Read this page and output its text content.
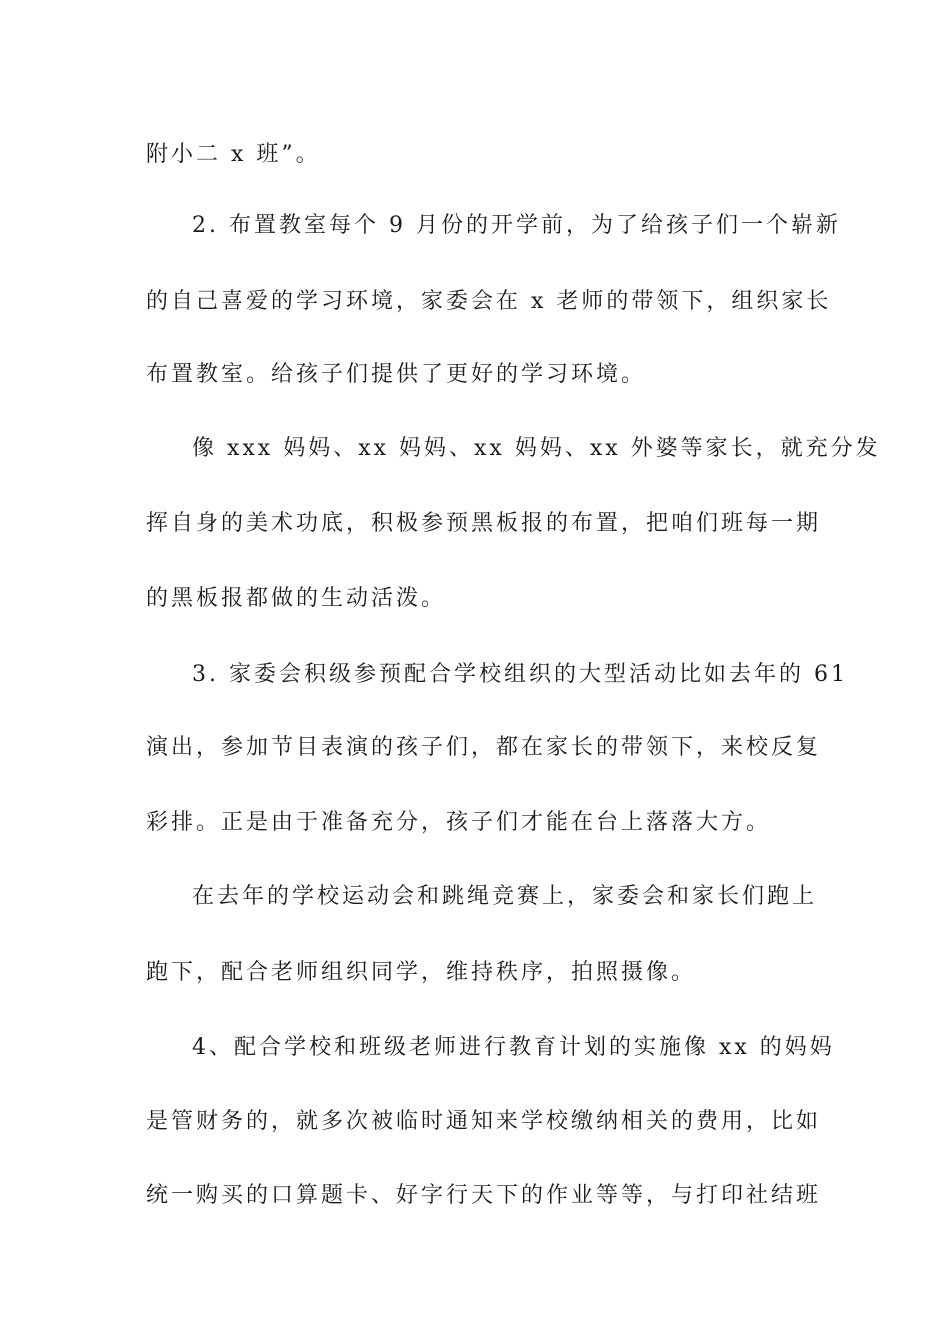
附小二 x 班”。
2. 布置教室每个 9 月份的开学前，为了给孩子们一个崭新
的自己喜爱的学习环境，家委会在 x 老师的带领下，组织家长
布置教室。给孩子们提供了更好的学习环境。
像 xxx 妈妈、xx 妈妈、xx 妈妈、xx 外婆等家长，就充分发
挥自身的美术功底，积极参预黑板报的布置，把咱们班每一期
的黑板报都做的生动活泼。
3. 家委会积级参预配合学校组织的大型活动比如去年的 61
演出，参加节目表演的孩子们，都在家长的带领下，来校反复
彩排。正是由于准备充分，孩子们才能在台上落落大方。
在去年的学校运动会和跳绳竞赛上，家委会和家长们跑上
跑下，配合老师组织同学，维持秩序，拍照摄像。
4、配合学校和班级老师进行教育计划的实施像 xx 的妈妈
是管财务的，就多次被临时通知来学校缴纳相关的费用，比如
统一购买的口算题卡、好字行天下的作业等等，与打印社结班
